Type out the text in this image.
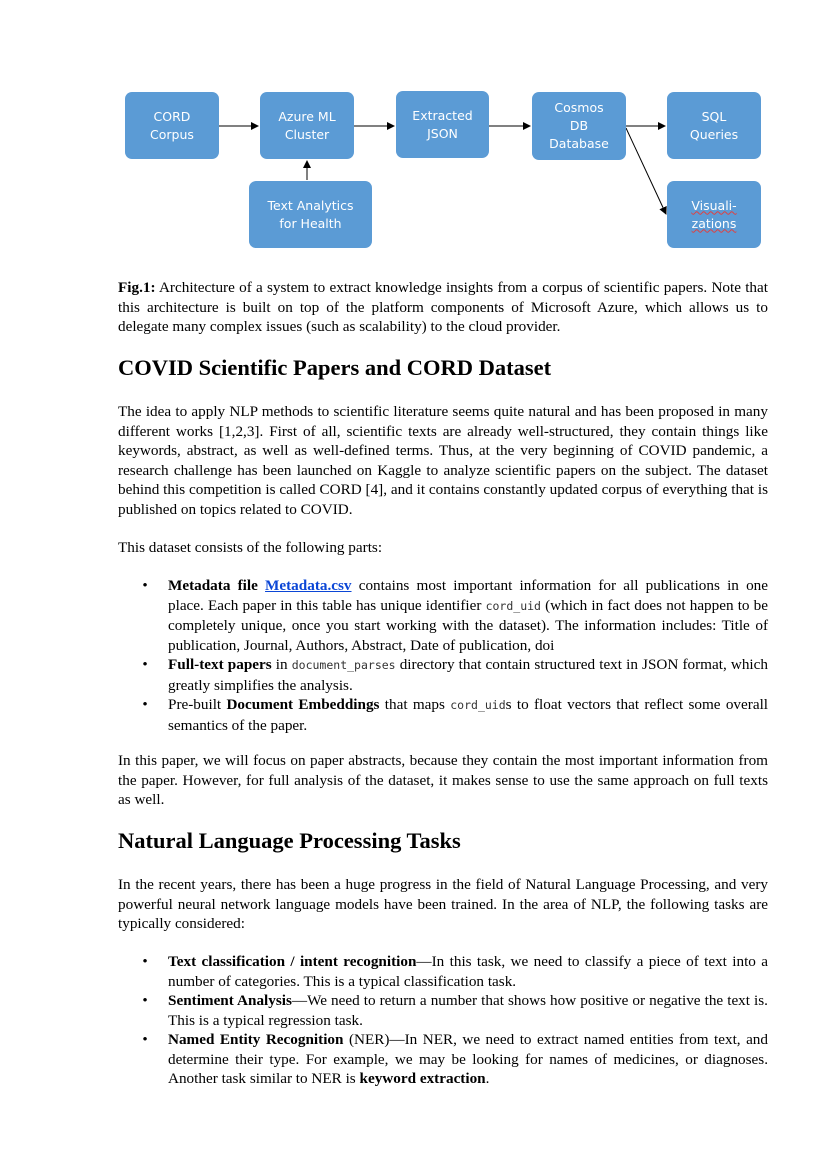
CORD
Corpus
Azure ML
Cluster
Extracted
JSON
Cosmos
DB
Database
SQL
Queries
Text Analytics
for Health
Visuali-
zations

Fig.1: Architecture of a system to extract knowledge insights from a corpus of scientific papers. Note that this architecture is built on top of the platform components of Microsoft Azure, which allows us to delegate many complex issues (such as scalability) to the cloud provider.

COVID Scientific Papers and CORD Dataset

The idea to apply NLP methods to scientific literature seems quite natural and has been proposed in many different works [1,2,3]. First of all, scientific texts are already well-structured, they contain things like keywords, abstract, as well as well-defined terms. Thus, at the very beginning of COVID pandemic, a research challenge has been launched on Kaggle to analyze scientific papers on the subject. The dataset behind this competition is called CORD [4], and it contains constantly updated corpus of everything that is published on topics related to COVID.

This dataset consists of the following parts:

• Metadata file Metadata.csv contains most important information for all publications in one place. Each paper in this table has unique identifier cord_uid (which in fact does not happen to be completely unique, once you start working with the dataset). The information includes: Title of publication, Journal, Authors, Abstract, Date of publication, doi
• Full-text papers in document_parses directory that contain structured text in JSON format, which greatly simplifies the analysis.
• Pre-built Document Embeddings that maps cord_uids to float vectors that reflect some overall semantics of the paper.

In this paper, we will focus on paper abstracts, because they contain the most important information from the paper. However, for full analysis of the dataset, it makes sense to use the same approach on full texts as well.

Natural Language Processing Tasks

In the recent years, there has been a huge progress in the field of Natural Language Processing, and very powerful neural network language models have been trained. In the area of NLP, the following tasks are typically considered:

• Text classification / intent recognition—In this task, we need to classify a piece of text into a number of categories. This is a typical classification task.
• Sentiment Analysis—We need to return a number that shows how positive or negative the text is. This is a typical regression task.
• Named Entity Recognition (NER)—In NER, we need to extract named entities from text, and determine their type. For example, we may be looking for names of medicines, or diagnoses. Another task similar to NER is keyword extraction.
